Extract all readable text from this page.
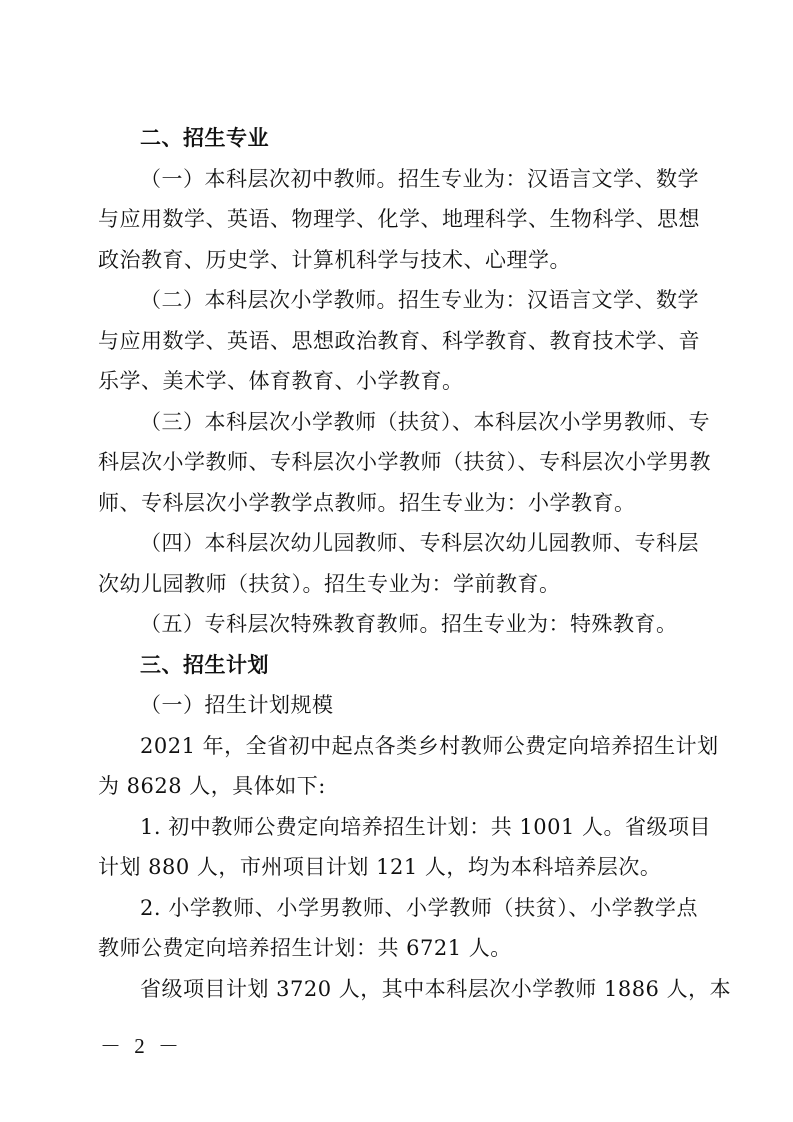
二、招生专业
（一）本科层次初中教师。招生专业为：汉语言文学、数学
与应用数学、英语、物理学、化学、地理科学、生物科学、思想
政治教育、历史学、计算机科学与技术、心理学。
（二）本科层次小学教师。招生专业为：汉语言文学、数学
与应用数学、英语、思想政治教育、科学教育、教育技术学、音
乐学、美术学、体育教育、小学教育。
（三）本科层次小学教师（扶贫）、本科层次小学男教师、专
科层次小学教师、专科层次小学教师（扶贫）、专科层次小学男教
师、专科层次小学教学点教师。招生专业为：小学教育。
（四）本科层次幼儿园教师、专科层次幼儿园教师、专科层
次幼儿园教师（扶贫）。招生专业为：学前教育。
（五）专科层次特殊教育教师。招生专业为：特殊教育。
三、招生计划
（一）招生计划规模
2021 年，全省初中起点各类乡村教师公费定向培养招生计划
为 8628 人，具体如下:
1. 初中教师公费定向培养招生计划：共 1001 人。省级项目
计划 880 人，市州项目计划 121 人，均为本科培养层次。
2. 小学教师、小学男教师、小学教师（扶贫）、小学教学点
教师公费定向培养招生计划：共 6721 人。
省级项目计划 3720 人，其中本科层次小学教师 1886 人，本
－ 2 －
